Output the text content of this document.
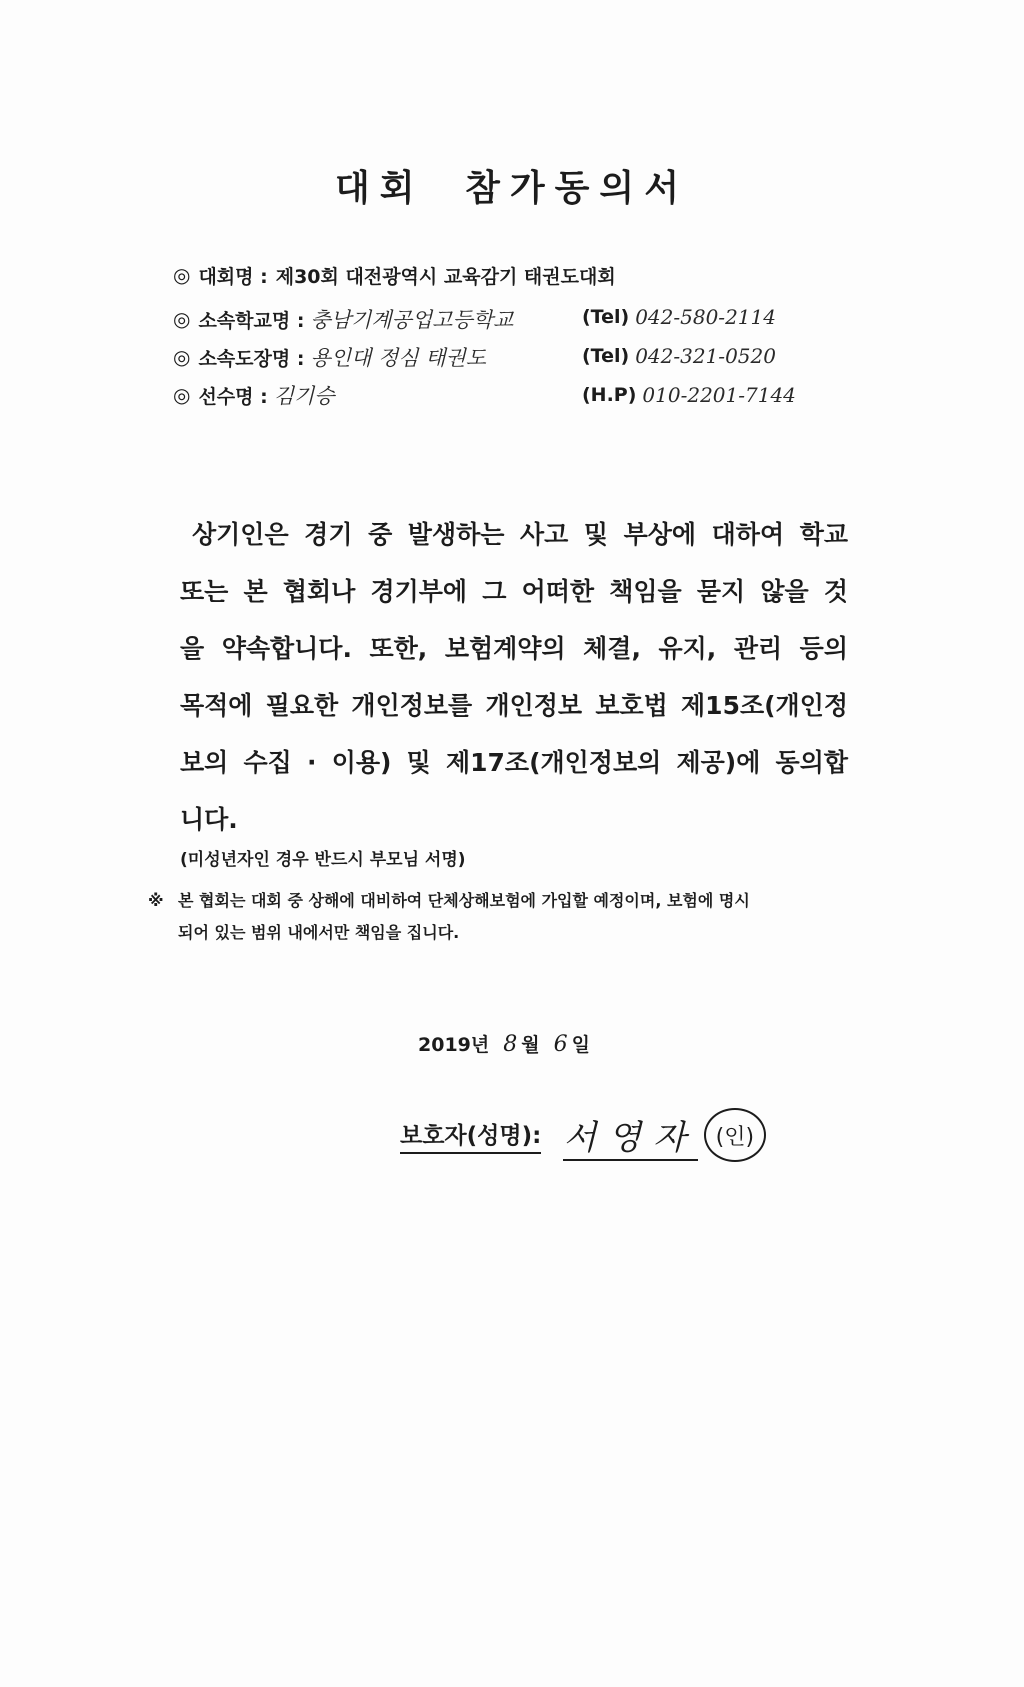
대회 참가동의서
◎ 대회명 : 제30회 대전광역시 교육감기 태권도대회
◎ 소속학교명 : 충남기계공업고등학교
◎ 소속도장명 : 용인대 정심 태권도
◎ 선수명 : 김기승
(Tel) 042-580-2114
(Tel) 042-321-0520
(H.P) 010-2201-7144
상기인은 경기 중 발생하는 사고 및 부상에 대하여 학교 또는 본 협회나 경기부에 그 어떠한 책임을 묻지 않을 것을 약속합니다. 또한, 보험계약의 체결, 유지, 관리 등의 목적에 필요한 개인정보를 개인정보 보호법 제15조(개인정보의 수집 · 이용) 및 제17조(개인정보의 제공)에 동의합니다.
(미성년자인 경우 반드시 부모님 서명)
※ 본 협회는 대회 중 상해에 대비하여 단체상해보험에 가입할 예정이며, 보험에 명시
되어 있는 범위 내에서만 책임을 집니다.
2019년 8 월 6 일
보호자(성명): 서영자 (인)
